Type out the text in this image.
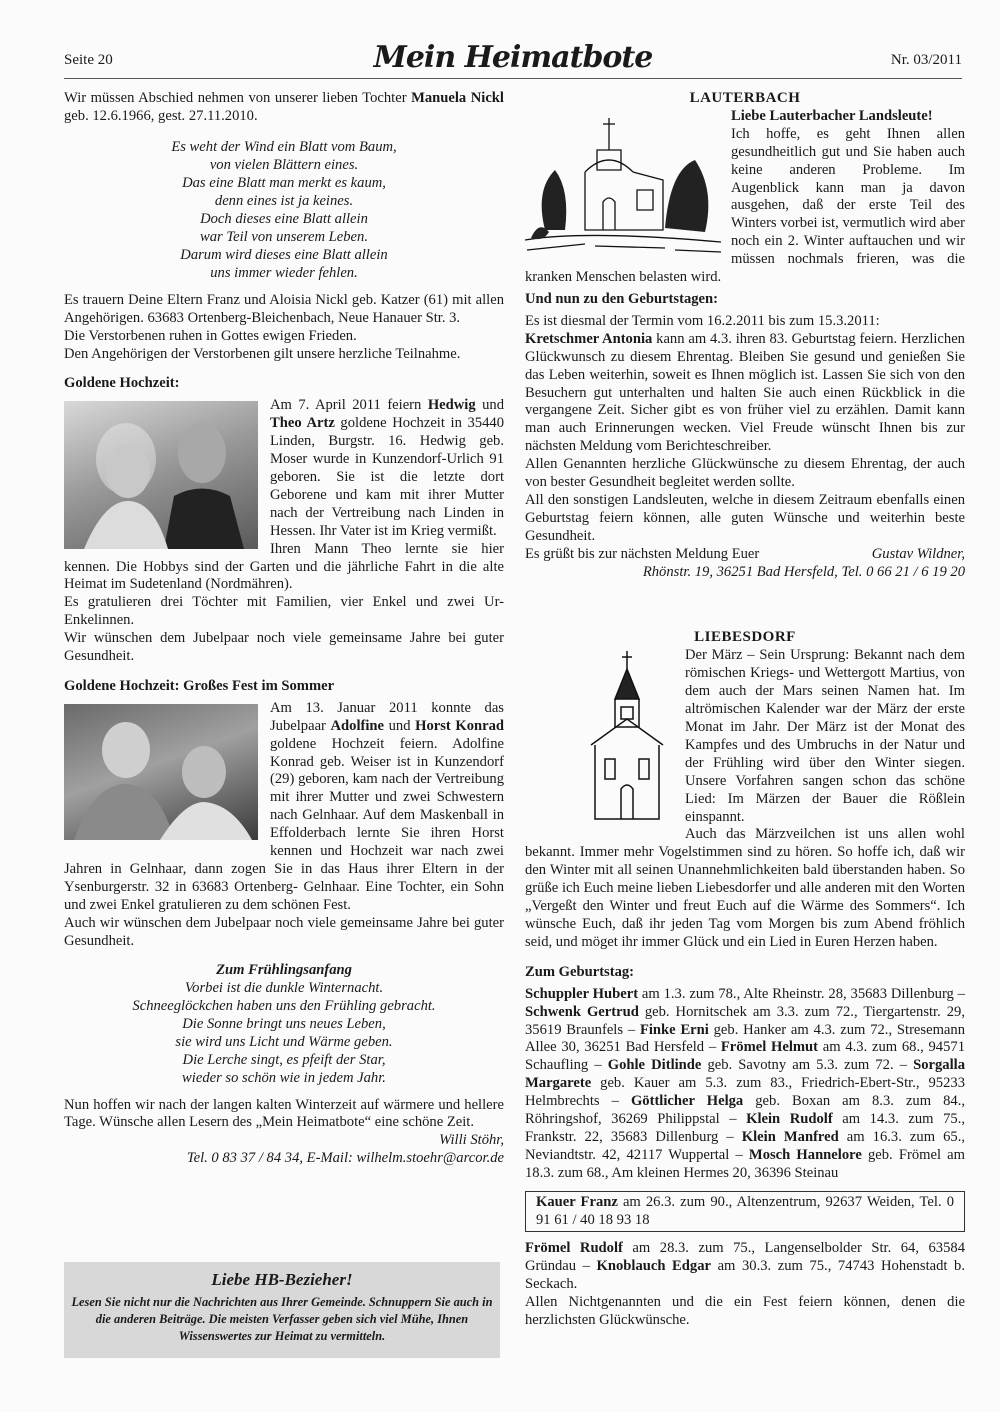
Seite 20	Mein Heimatbote	Nr. 03/2011

Wir müssen Abschied nehmen von unserer lieben Tochter Manuela Nickl geb. 12.6.1966, gest. 27.11.2010.

Es weht der Wind ein Blatt vom Baum,
von vielen Blättern eines.
Das eine Blatt man merkt es kaum,
denn eines ist ja keines.
Doch dieses eine Blatt allein
war Teil von unserem Leben.
Darum wird dieses eine Blatt allein
uns immer wieder fehlen.

Es trauern Deine Eltern Franz und Aloisia Nickl geb. Katzer (61) mit allen Angehörigen. 63683 Ortenberg-Bleichenbach, Neue Hanauer Str. 3.

Die Verstorbenen ruhen in Gottes ewigen Frieden.

Den Angehörigen der Verstorbenen gilt unsere herzliche Teilnahme.

Goldene Hochzeit:

Am 7. April 2011 feiern Hedwig und Theo Artz goldene Hochzeit in 35440 Linden, Burgstr. 16. Hedwig geb. Moser wurde in Kunzendorf-Urlich 91 geboren. Sie ist die letzte dort Geborene und kam mit ihrer Mutter nach der Vertreibung nach Linden in Hessen. Ihr Vater ist im Krieg vermißt.

Ihren Mann Theo lernte sie hier kennen. Die Hobbys sind der Garten und die jährliche Fahrt in die alte Heimat im Sudetenland (Nordmähren).

Es gratulieren drei Töchter mit Familien, vier Enkel und zwei Ur-Enkelinnen.

Wir wünschen dem Jubelpaar noch viele gemeinsame Jahre bei guter Gesundheit.

Goldene Hochzeit: Großes Fest im Sommer

Am 13. Januar 2011 konnte das Jubelpaar Adolfine und Horst Konrad goldene Hochzeit feiern. Adolfine Konrad geb. Weiser ist in Kunzendorf (29) geboren, kam nach der Vertreibung mit ihrer Mutter und zwei Schwestern nach Gelnhaar. Auf dem Maskenball in Effolderbach lernte Sie ihren Horst kennen und Hochzeit war nach zwei Jahren in Gelnhaar, dann zogen Sie in das Haus ihrer Eltern in der Ysenburgerstr. 32 in 63683 Ortenberg- Gelnhaar. Eine Tochter, ein Sohn und zwei Enkel gratulieren zu dem schönen Fest.

Auch wir wünschen dem Jubelpaar noch viele gemeinsame Jahre bei guter Gesundheit.

Zum Frühlingsanfang
Vorbei ist die dunkle Winternacht.
Schneeglöckchen haben uns den Frühling gebracht.
Die Sonne bringt uns neues Leben,
sie wird uns Licht und Wärme geben.
Die Lerche singt, es pfeift der Star,
wieder so schön wie in jedem Jahr.

Nun hoffen wir nach der langen kalten Winterzeit auf wärmere und hellere Tage. Wünsche allen Lesern des „Mein Heimatbote“ eine schöne Zeit.

Willi Stöhr,

Tel. 0 83 37 / 84 34, E-Mail: wilhelm.stoehr@arcor.de

Liebe HB-Bezieher!
Lesen Sie nicht nur die Nachrichten aus Ihrer Gemeinde. Schnuppern Sie auch in die anderen Beiträge. Die meisten Verfasser geben sich viel Mühe, Ihnen Wissenswertes zur Heimat zu vermitteln.
LAUTERBACH

Liebe Lauterbacher Landsleute!

Ich hoffe, es geht Ihnen allen gesundheitlich gut und Sie haben auch keine anderen Probleme. Im Augenblick kann man ja davon ausgehen, daß der erste Teil des Winters vorbei ist, vermutlich wird aber noch ein 2. Winter auftauchen und wir müssen nochmals frieren, was die kranken Menschen belasten wird.

Und nun zu den Geburtstagen:

Es ist diesmal der Termin vom 16.2.2011 bis zum 15.3.2011:

Kretschmer Antonia kann am 4.3. ihren 83. Geburtstag feiern. Herzlichen Glückwunsch zu diesem Ehrentag. Bleiben Sie gesund und genießen Sie das Leben weiterhin, soweit es Ihnen möglich ist. Lassen Sie sich von den Besuchern gut unterhalten und halten Sie auch einen Rückblick in die vergangene Zeit. Sicher gibt es von früher viel zu erzählen. Damit kann man auch Erinnerungen wecken. Viel Freude wünscht Ihnen bis zur nächsten Meldung vom Berichteschreiber.

Allen Genannten herzliche Glückwünsche zu diesem Ehrentag, der auch von bester Gesundheit begleitet werden sollte.

All den sonstigen Landsleuten, welche in diesem Zeitraum ebenfalls einen Geburtstag feiern können, alle guten Wünsche und weiterhin beste Gesundheit.

Es grüßt bis zur nächsten Meldung Euer	Gustav Wildner,

Rhönstr. 19, 36251 Bad Hersfeld, Tel. 0 66 21 / 6 19 20

LIEBESDORF

Der März – Sein Ursprung: Bekannt nach dem römischen Kriegs- und Wettergott Martius, von dem auch der Mars seinen Namen hat. Im altrömischen Kalender war der März der erste Monat im Jahr. Der März ist der Monat des Kampfes und des Umbruchs in der Natur und der Frühling wird über den Winter siegen. Unsere Vorfahren sangen schon das schöne Lied: Im Märzen der Bauer die Rößlein einspannt.

Auch das Märzveilchen ist uns allen wohl bekannt. Immer mehr Vogelstimmen sind zu hören. So hoffe ich, daß wir den Winter mit all seinen Unannehmlichkeiten bald überstanden haben. So grüße ich Euch meine lieben Liebesdorfer und alle anderen mit den Worten „Vergeßt den Winter und freut Euch auf die Wärme des Sommers“. Ich wünsche Euch, daß ihr jeden Tag vom Morgen bis zum Abend fröhlich seid, und möget ihr immer Glück und ein Lied in Euren Herzen haben.

Zum Geburtstag:

Schuppler Hubert am 1.3. zum 78., Alte Rheinstr. 28, 35683 Dillenburg – Schwenk Gertrud geb. Hornitschek am 3.3. zum 72., Tiergartenstr. 29, 35619 Braunfels – Finke Erni geb. Hanker am 4.3. zum 72., Stresemann Allee 30, 36251 Bad Hersfeld – Frömel Helmut am 4.3. zum 68., 94571 Schaufling – Gohle Ditlinde geb. Savotny am 5.3. zum 72. – Sorgalla Margarete geb. Kauer am 5.3. zum 83., Friedrich-Ebert-Str., 95233 Helmbrechts – Göttlicher Helga geb. Boxan am 8.3. zum 84., Röhringshof, 36269 Philippstal – Klein Rudolf am 14.3. zum 75., Frankstr. 22, 35683 Dillenburg – Klein Manfred am 16.3. zum 65., Neviandtstr. 42, 42117 Wuppertal – Mosch Hannelore geb. Frömel am 18.3. zum 68., Am kleinen Hermes 20, 36396 Steinau

Kauer Franz am 26.3. zum 90., Altenzentrum, 92637 Weiden, Tel. 0 91 61 / 40 18 93 18

Frömel Rudolf am 28.3. zum 75., Langenselbolder Str. 64, 63584 Gründau – Knoblauch Edgar am 30.3. zum 75., 74743 Hohenstadt b. Seckach.

Allen Nichtgenannten und die ein Fest feiern können, denen die herzlichsten Glückwünsche.
